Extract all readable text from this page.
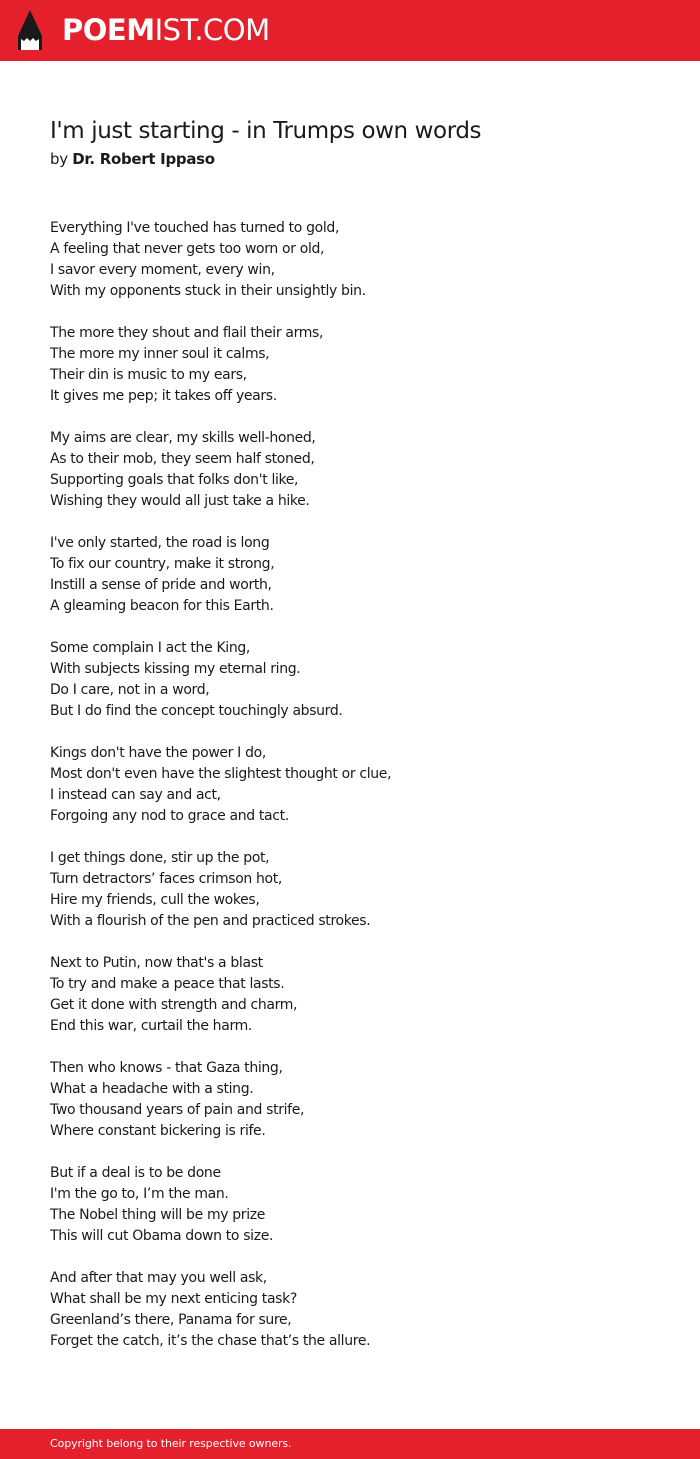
POEMIST.COM
I'm just starting - in Trumps own words
by Dr. Robert Ippaso
Everything I've touched has turned to gold,
A feeling that never gets too worn or old,
I savor every moment, every win,
With my opponents stuck in their unsightly bin.
The more they shout and flail their arms,
The more my inner soul it calms,
Their din is music to my ears,
It gives me pep; it takes off years.
My aims are clear, my skills well-honed,
As to their mob, they seem half stoned,
Supporting goals that folks don't like,
Wishing they would all just take a hike.
I've only started, the road is long
To fix our country, make it strong,
Instill a sense of pride and worth,
A gleaming beacon for this Earth.
Some complain I act the King,
With subjects kissing my eternal ring.
Do I care, not in a word,
But I do find the concept touchingly absurd.
Kings don't have the power I do,
Most don't even have the slightest thought or clue,
I instead can say and act,
Forgoing any nod to grace and tact.
I get things done, stir up the pot,
Turn detractors’ faces crimson hot,
Hire my friends, cull the wokes,
With a flourish of the pen and practiced strokes.
Next to Putin, now that's a blast
To try and make a peace that lasts.
Get it done with strength and charm,
End this war, curtail the harm.
Then who knows - that Gaza thing,
What a headache with a sting.
Two thousand years of pain and strife,
Where constant bickering is rife.
But if a deal is to be done
I'm the go to, I’m the man.
The Nobel thing will be my prize
This will cut Obama down to size.
And after that may you well ask,
What shall be my next enticing task?
Greenland’s there, Panama for sure,
Forget the catch, it’s the chase that’s the allure.
Copyright belong to their respective owners.
